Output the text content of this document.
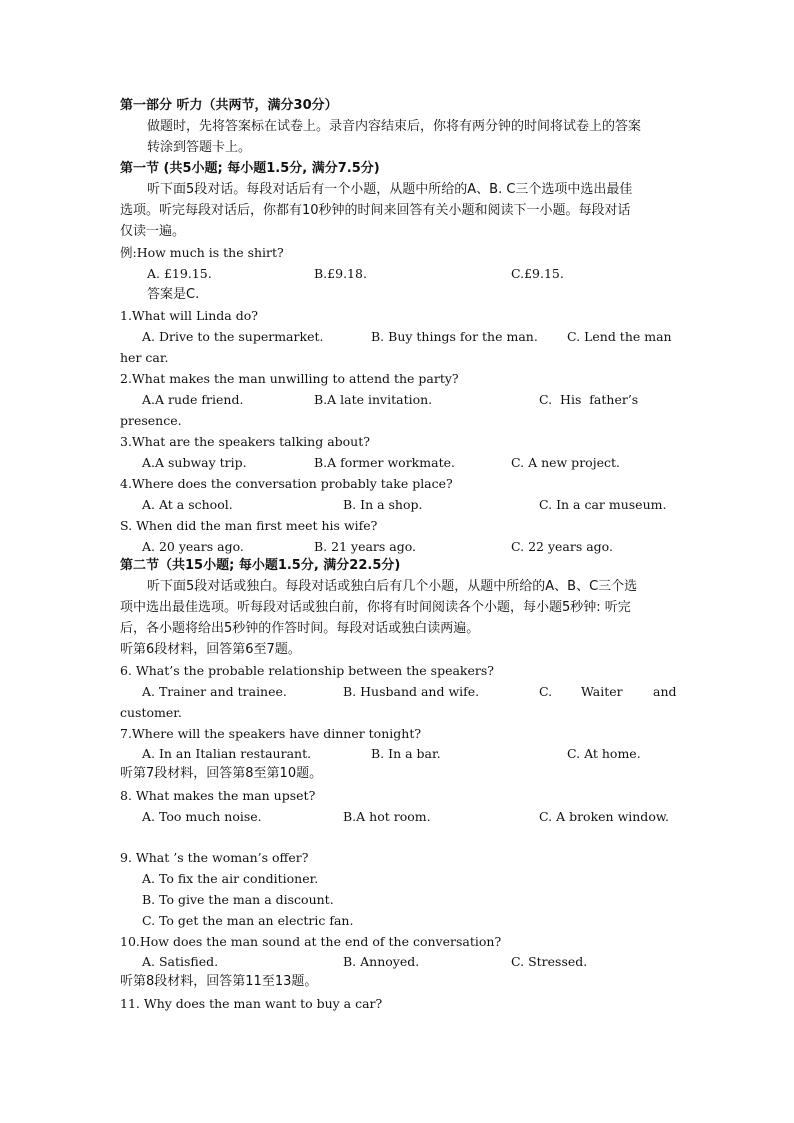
第一部分 听力（共两节，满分30分）
做题时，先将答案标在试卷上。录音内容结束后，你将有两分钟的时间将试卷上的答案
转涂到答题卡上。
第一节 (共5小题; 每小题1.5分, 满分7.5分)
听下面5段对话。每段对话后有一个小题，从题中所给的A、B. C三个选项中选出最佳
选项。听完每段对话后，你都有10秒钟的时间来回答有关小题和阅读下一小题。每段对话
仅读一遍。
例:How much is the shirt?
A. £19.15.	B.£9.18.	C.£9.15.
答案是C.
1.What will Linda do?
A. Drive to the supermarket.	B. Buy things for the man. C. Lend the man
her car.
2.What makes the man unwilling to attend the party?
A.A rude friend.	B.A late invitation.	C.  His  father’s
presence.
3.What are the speakers talking about?
A.A subway trip.	B.A former workmate.	C. A new project.
4.Where does the conversation probably take place?
A. At a school.	B. In a shop.	C. In a car museum.
S. When did the man first meet his wife?
A. 20 years ago.	B. 21 years ago.	C. 22 years ago.
第二节（共15小题; 每小题1.5分, 满分22.5分)
听下面5段对话或独白。每段对话或独白后有几个小题，从题中所给的A、B、C三个选
项中选出最佳选项。听每段对话或独白前，你将有时间阅读各个小题，每小题5秒钟: 听完
后，各小题将给出5秒钟的作答时间。每段对话或独白读两遍。
听第6段材料，回答第6至7题。
6. What’s the probable relationship between the speakers?
A. Trainer and trainee.	B. Husband and wife.	C. Waiter and
customer.
7.Where will the speakers have dinner tonight?
A. In an Italian restaurant.	B. In a bar.	C. At home.
听第7段材料，回答第8至第10题。
8. What makes the man upset?
A. Too much noise.	B.A hot room.	C. A broken window.
9. What ’s the woman’s offer?
A. To fix the air conditioner.
B. To give the man a discount.
C. To get the man an electric fan.
10.How does the man sound at the end of the conversation?
A. Satisfied.	B. Annoyed.	C. Stressed.
听第8段材料，回答第11至13题。
11. Why does the man want to buy a car?
